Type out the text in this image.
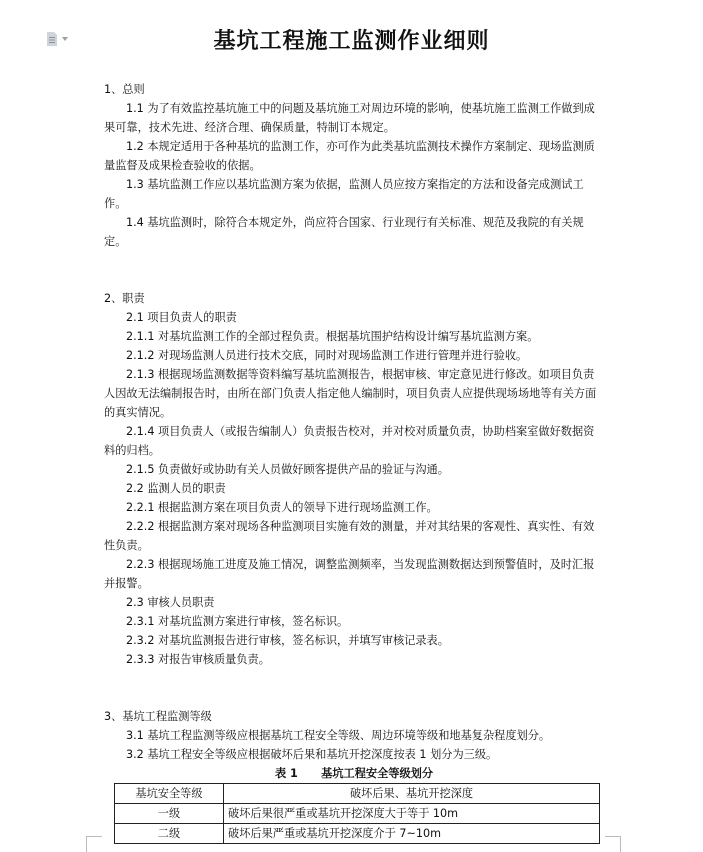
基坑工程施工监测作业细则

1、总则

1.1 为了有效监控基坑施工中的问题及基坑施工对周边环境的影响，使基坑施工监测工作做到成果可靠，技术先进、经济合理、确保质量，特制订本规定。

1.2 本规定适用于各种基坑的监测工作，亦可作为此类基坑监测技术操作方案制定、现场监测质量监督及成果检查验收的依据。

1.3 基坑监测工作应以基坑监测方案为依据，监测人员应按方案指定的方法和设备完成测试工作。

1.4 基坑监测时，除符合本规定外，尚应符合国家、行业现行有关标准、规范及我院的有关规定。

2、职责

2.1 项目负责人的职责

2.1.1 对基坑监测工作的全部过程负责。根据基坑围护结构设计编写基坑监测方案。

2.1.2 对现场监测人员进行技术交底，同时对现场监测工作进行管理并进行验收。

2.1.3 根据现场监测数据等资料编写基坑监测报告，根据审核、审定意见进行修改。如项目负责人因故无法编制报告时，由所在部门负责人指定他人编制时，项目负责人应提供现场场地等有关方面的真实情况。

2.1.4 项目负责人（或报告编制人）负责报告校对，并对校对质量负责，协助档案室做好数据资料的归档。

2.1.5 负责做好或协助有关人员做好顾客提供产品的验证与沟通。

2.2 监测人员的职责

2.2.1 根据监测方案在项目负责人的领导下进行现场监测工作。

2.2.2 根据监测方案对现场各种监测项目实施有效的测量，并对其结果的客观性、真实性、有效性负责。

2.2.3 根据现场施工进度及施工情况，调整监测频率，当发现监测数据达到预警值时，及时汇报并报警。

2.3 审核人员职责

2.3.1 对基坑监测方案进行审核，签名标识。

2.3.2 对基坑监测报告进行审核，签名标识，并填写审核记录表。

2.3.3 对报告审核质量负责。

3、基坑工程监测等级

3.1 基坑工程监测等级应根据基坑工程安全等级、周边环境等级和地基复杂程度划分。

3.2 基坑工程安全等级应根据破坏后果和基坑开挖深度按表 1 划分为三级。

表 1      基坑工程安全等级划分

基坑安全等级	破坏后果、基坑开挖深度
一级	破坏后果很严重或基坑开挖深度大于等于 10m
二级	破坏后果严重或基坑开挖深度介于 7~10m
